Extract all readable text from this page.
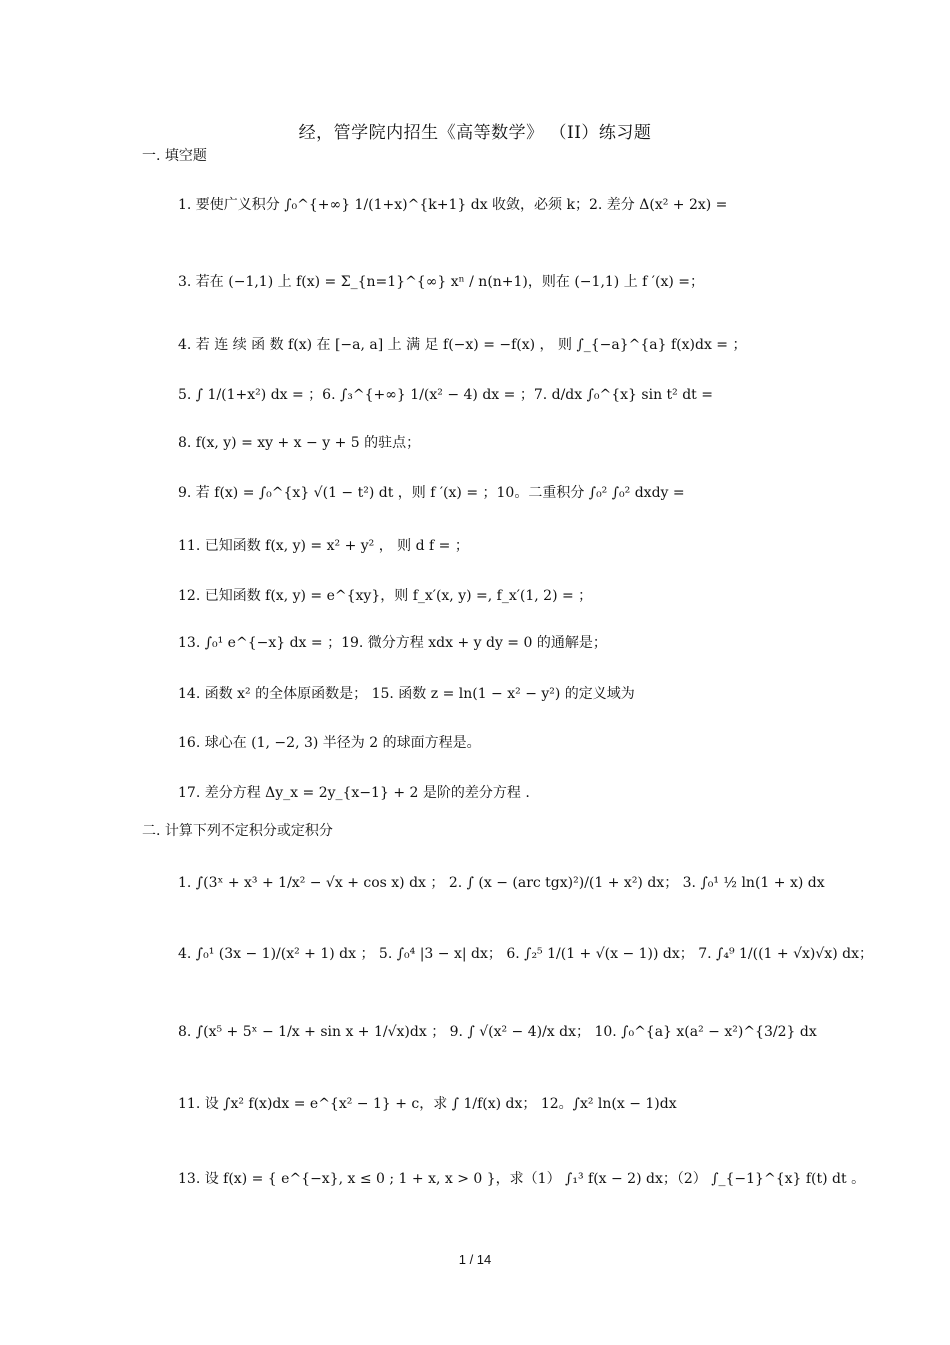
经，管学院内招生《高等数学》 （II）练习题
一. 填空题
1. 要使广义积分 ∫₀^{+∞} 1/(1+x)^{k+1} dx 收敛，必须 k；2. 差分 Δ(x² + 2x) =
3. 若在 (−1,1) 上 f(x) = Σ_{n=1}^{∞} xⁿ / n(n+1)，则在 (−1,1) 上 f ′(x) =；
4. 若 连 续 函 数 f(x) 在 [−a, a] 上 满 足 f(−x) = −f(x) ， 则 ∫_{−a}^{a} f(x)dx = ；
5. ∫ 1/(1+x²) dx = ；6. ∫₃^{+∞} 1/(x² − 4) dx = ；7. d/dx ∫₀^{x} sin t² dt =
8. f(x, y) = xy + x − y + 5 的驻点；
9. 若 f(x) = ∫₀^{x} √(1 − t²) dt ，则 f ′(x) = ；10。二重积分 ∫₀² ∫₀² dxdy =
11. 已知函数 f(x, y) = x² + y² ， 则 d f = ；
12. 已知函数 f(x, y) = e^{xy}，则 f_x′(x, y) =, f_x′(1, 2) = ；
13. ∫₀¹ e^{−x} dx = ；19. 微分方程 xdx + y dy = 0 的通解是；
14. 函数 x² 的全体原函数是； 15. 函数 z = ln(1 − x² − y²) 的定义域为
16. 球心在 (1, −2, 3) 半径为 2 的球面方程是。
17. 差分方程 Δy_x = 2y_{x−1} + 2 是阶的差分方程 .
二. 计算下列不定积分或定积分
1. ∫(3ˣ + x³ + 1/x² − √x + cos x) dx ； 2. ∫ (x − (arc tgx)²)/(1 + x²) dx； 3. ∫₀¹ ½ ln(1 + x) dx
4. ∫₀¹ (3x − 1)/(x² + 1) dx ； 5. ∫₀⁴ |3 − x| dx； 6. ∫₂⁵ 1/(1 + √(x − 1)) dx； 7. ∫₄⁹ 1/((1 + √x)√x) dx；
8. ∫(x⁵ + 5ˣ − 1/x + sin x + 1/√x)dx ； 9. ∫ √(x² − 4)/x dx； 10. ∫₀^{a} x(a² − x²)^{3/2} dx
11. 设 ∫x² f(x)dx = e^{x² − 1} + c，求 ∫ 1/f(x) dx； 12。∫x² ln(x − 1)dx
13. 设 f(x) = { e^{−x}, x ≤ 0 ; 1 + x, x > 0 }，求（1） ∫₁³ f(x − 2) dx；（2） ∫_{−1}^{x} f(t) dt 。
1 / 14
